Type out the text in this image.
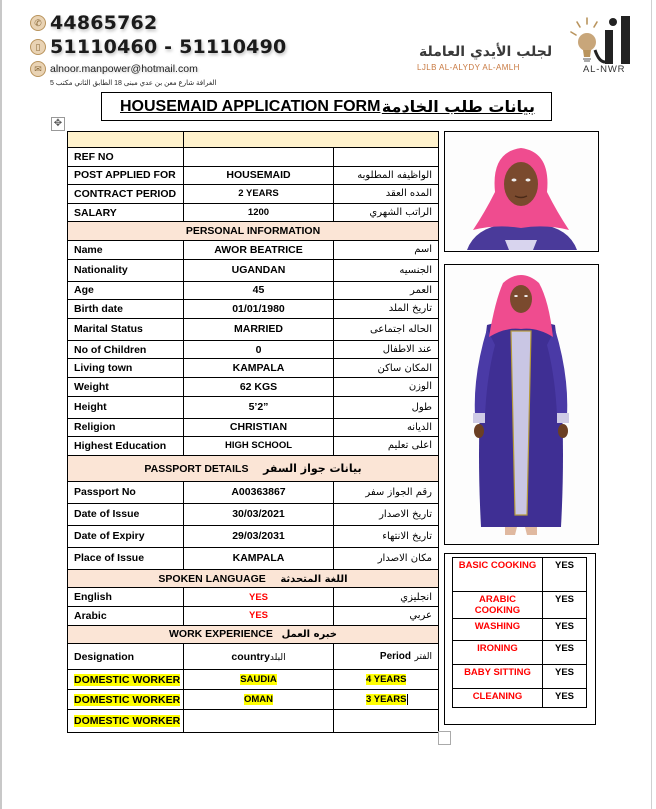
✆ 44865762
▯ 51110460 - 51110490
✉ alnoor.manpower@hotmail.com
الغرافة شارع معن بن عدي مبنى 18 الطابق الثاني مكتب 5
لجلب الأيدي العاملة
LJLB AL-ALYDY AL-AMLH	AL-NWR
HOUSEMAID APPLICATION FORM بيانات طلب الخادمة
✥

REF NO		
POST APPLIED FOR	HOUSEMAID	الواظيفه المطلوبه
CONTRACT PERIOD	2 YEARS	المده العقد
SALARY	1200	الراتب الشهري
PERSONAL INFORMATION		
Name	AWOR BEATRICE	اسم
Nationality	UGANDAN	الجنسيه
Age	45	العمر
Birth date	01/01/1980	تاريخ الملد
Marital Status	MARRIED	الحاله اجتماعى
No of Children	0	عند الاطفال
Living town	KAMPALA	المكان ساكن
Weight	62 KGS	الوزن
Height	5’2”	طول
Religion	CHRISTIAN	الديانه
Highest Education	HIGH SCHOOL	اعلى تعليم
PASSPORT DETAILS بيانات جواز السفر		
Passport No	A00363867	رقم الجواز سفر
Date of Issue	30/03/2021	تاريخ الاصدار
Date of Expiry	29/03/2031	تاريخ الانتهاء
Place of Issue	KAMPALA	مكان الاصدار
SPOKEN LANGUAGE اللغة المتحدثة		
English	YES	انجليزي
Arabic	YES	عربي
WORK EXPERIENCE خبره العمل		
Designation	countryالبلد	الفتر Period
DOMESTIC WORKER	SAUDIA	4 YEARS
DOMESTIC WORKER	OMAN	3 YEARS
DOMESTIC WORKER		
BASIC COOKING	YES
ARABIC COOKING	YES
WASHING	YES
IRONING	YES
BABY SITTING	YES
CLEANING	YES
